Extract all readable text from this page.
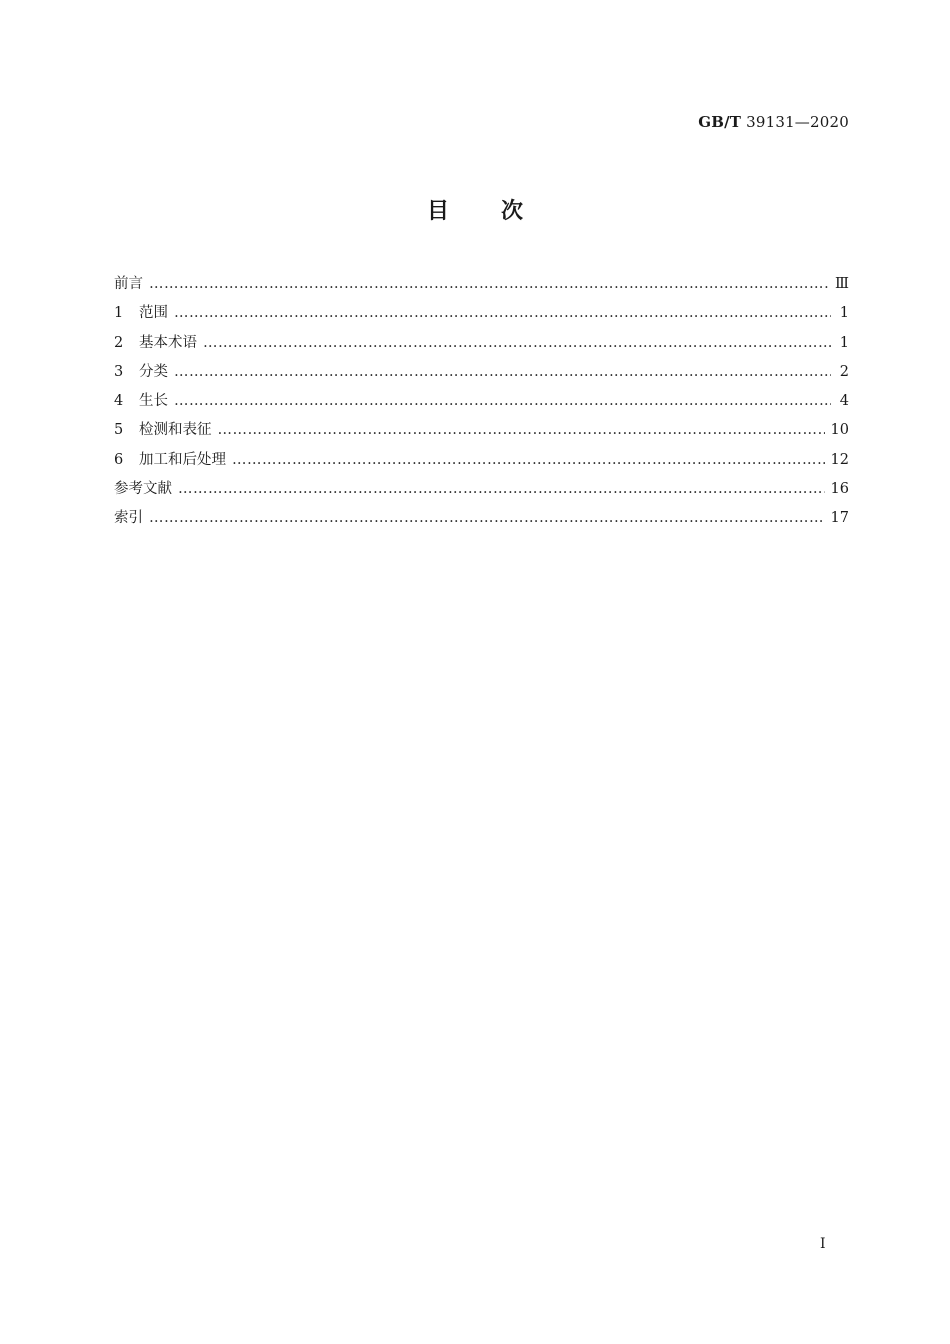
GB/T 39131—2020
目 次
前言 ……………………………………………………………………………………………………………………………………………………	Ⅲ
1	范围 ……………………………………………………………………………………………………………………………………………………	1
2	基本术语 ……………………………………………………………………………………………………………………………………………………	1
3	分类 ……………………………………………………………………………………………………………………………………………………	2
4	生长 ……………………………………………………………………………………………………………………………………………………	4
5	检测和表征 ……………………………………………………………………………………………………………………………………………………	10
6	加工和后处理 ……………………………………………………………………………………………………………………………………………………	12
参考文献 ……………………………………………………………………………………………………………………………………………………	16
索引 ……………………………………………………………………………………………………………………………………………………	17
I
